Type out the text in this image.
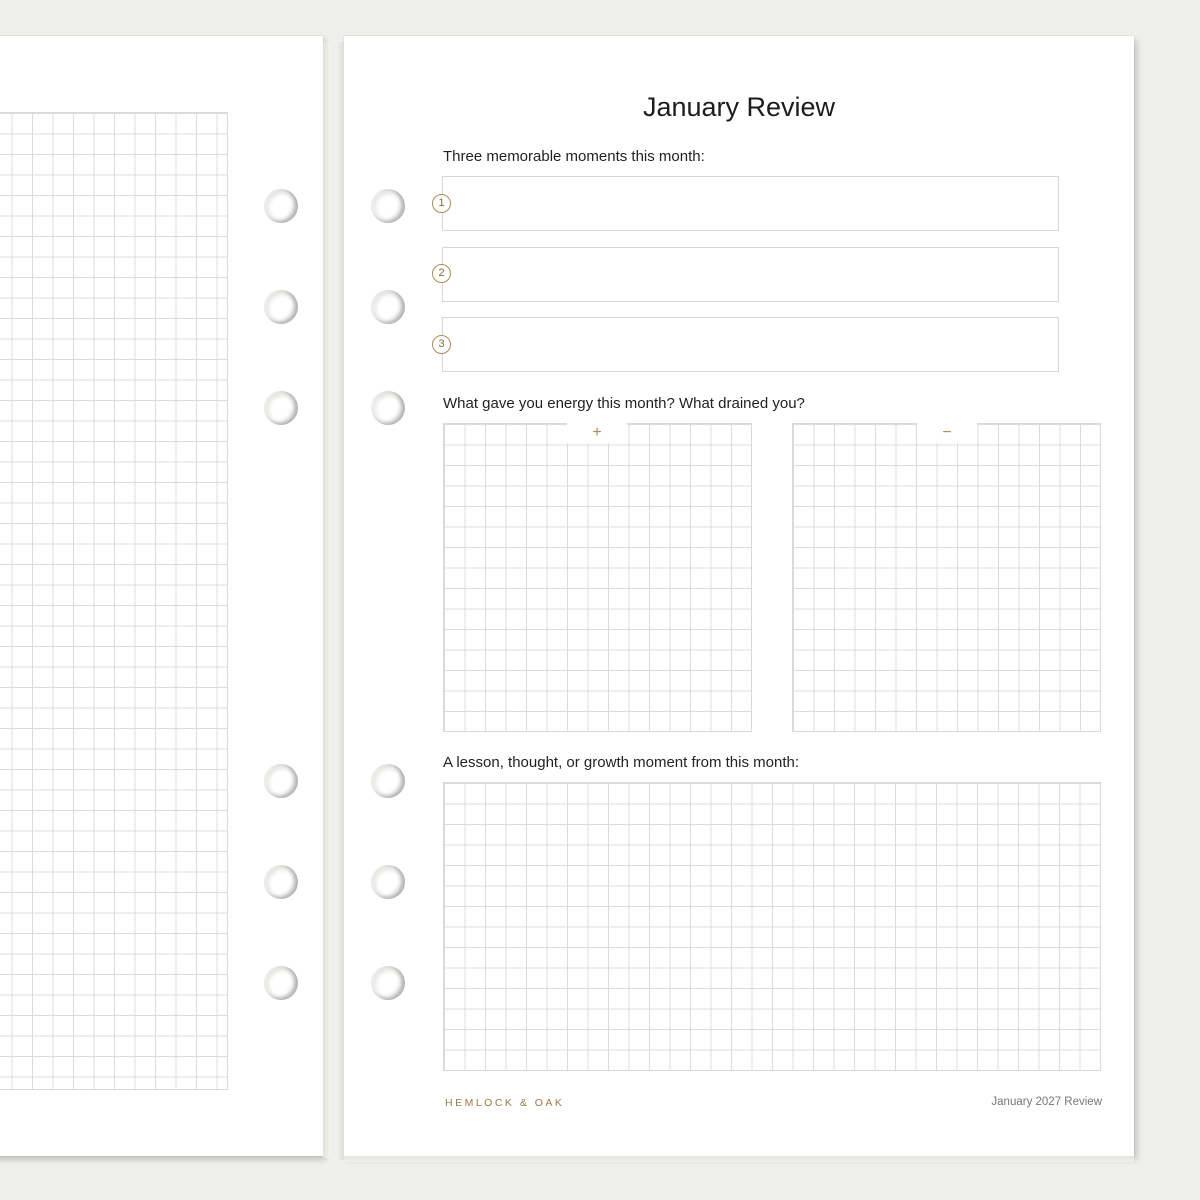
January Review
Three memorable moments this month:
1
2
3
What gave you energy this month? What drained you?
+	−
A lesson, thought, or growth moment from this month:
HEMLOCK & OAK	January 2027 Review
